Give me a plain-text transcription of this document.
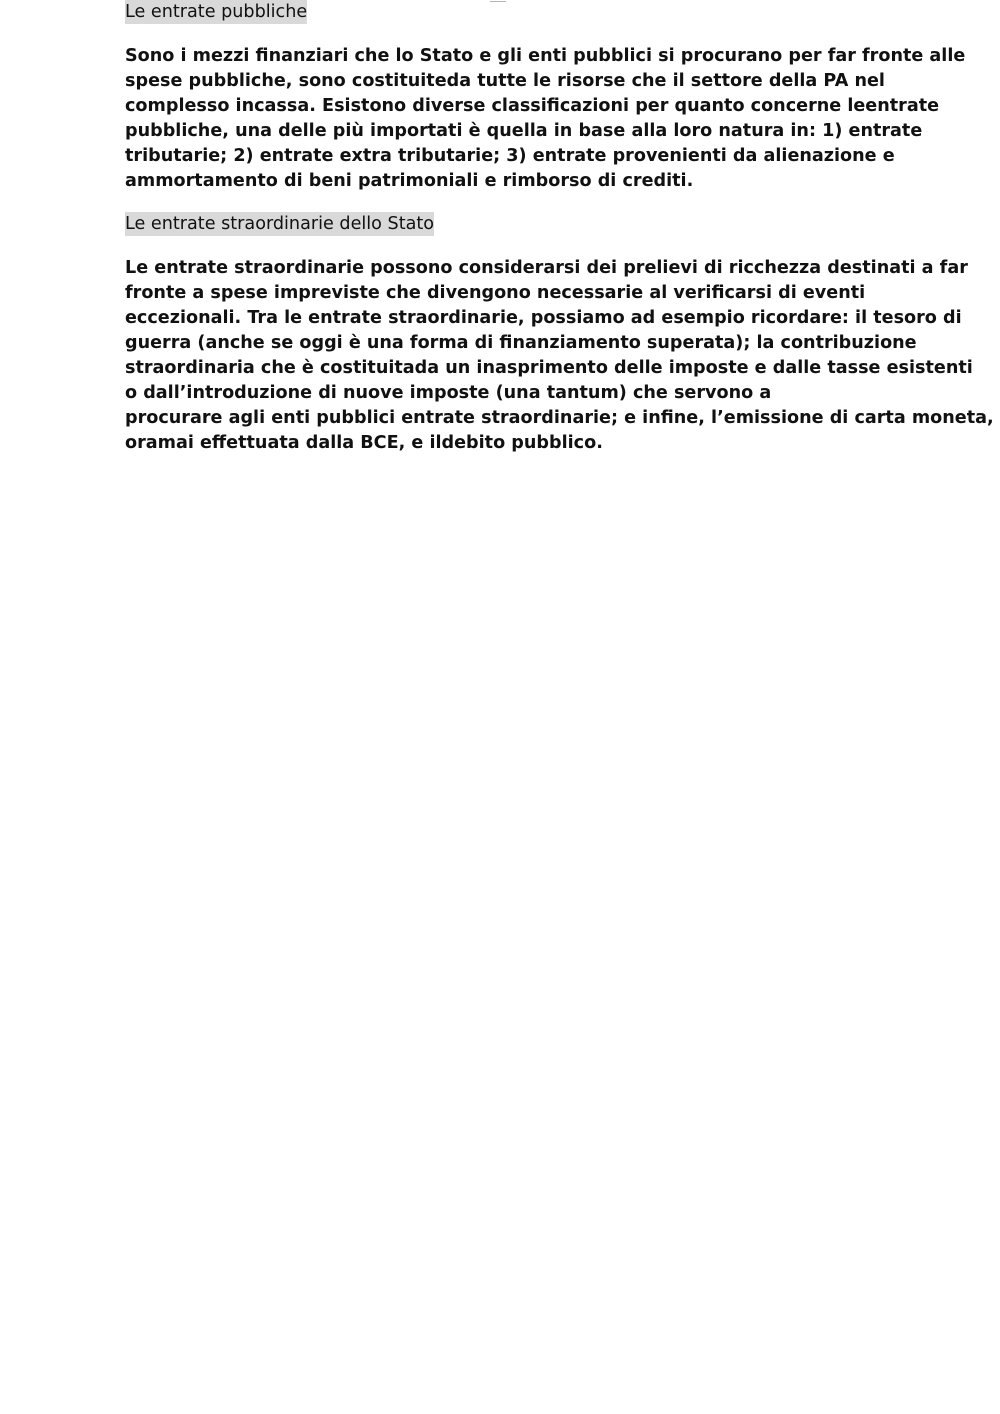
Le entrate pubbliche

Sono i mezzi finanziari che lo Stato e gli enti pubblici si procurano per far fronte alle
spese pubbliche, sono costituiteda tutte le risorse che il settore della PA nel
complesso incassa. Esistono diverse classificazioni per quanto concerne leentrate
pubbliche, una delle più importati è quella in base alla loro natura in: 1) entrate
tributarie; 2) entrate extra tributarie; 3) entrate provenienti da alienazione e
ammortamento di beni patrimoniali e rimborso di crediti.

Le entrate straordinarie dello Stato

Le entrate straordinarie possono considerarsi dei prelievi di ricchezza destinati a far
fronte a spese impreviste che divengono necessarie al verificarsi di eventi
eccezionali. Tra le entrate straordinarie, possiamo ad esempio ricordare: il tesoro di
guerra (anche se oggi è una forma di finanziamento superata); la contribuzione
straordinaria che è costituitada un inasprimento delle imposte e dalle tasse esistenti
o dall’introduzione di nuove imposte (una tantum) che servono a
procurare agli enti pubblici entrate straordinarie; e infine, l’emissione di carta moneta,
oramai effettuata dalla BCE, e ildebito pubblico.
